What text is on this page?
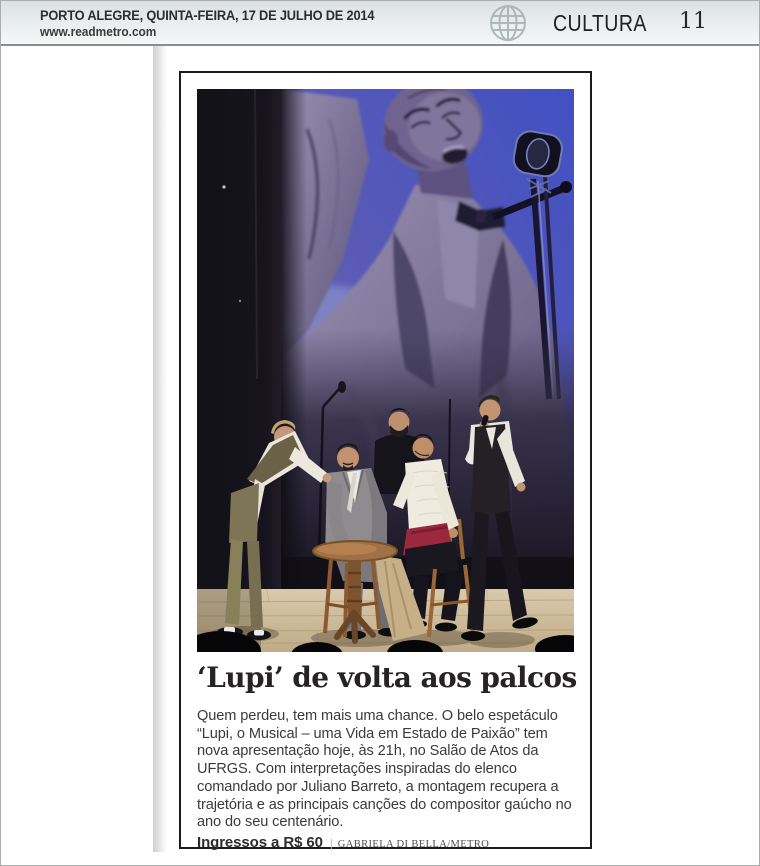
PORTO ALEGRE, QUINTA-FEIRA, 17 DE JULHO DE 2014
www.readmetro.com	CULTURA 11
‘Lupi’ de volta aos palcos

Quem perdeu, tem mais uma chance. O belo espetáculo “Lupi, o Musical – uma Vida em Estado de Paixão” tem nova apresentação hoje, às 21h, no Salão de Atos da UFRGS. Com interpretações inspiradas do elenco comandado por Juliano Barreto, a montagem recupera a trajetória e as principais canções do compositor gaúcho no ano do seu centenário.

Ingressos a R$ 60 | GABRIELA DI BELLA/METRO
